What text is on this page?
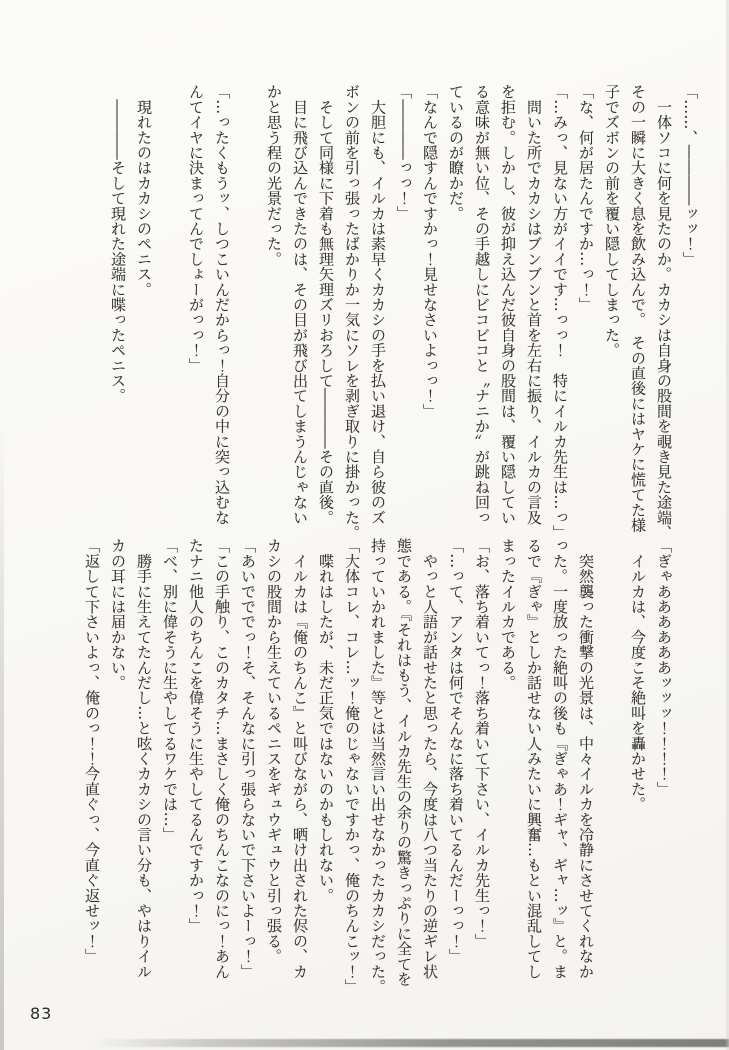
「……、――――ッッ！」

　一体ソコに何を見たのか。カカシは自身の股間を覗き見た途端、

その一瞬に大きく息を飲み込んで。　その直後にはヤケに慌てた様

子でズボンの前を覆い隠してしまった。

「な、何が居たんですか…っ！」

「…みっ、見ない方がイイです…っっ！　特にイルカ先生は…っ」

　問いた所でカカシはブンブンと首を左右に振り、イルカの言及

を拒む。しかし、彼が抑え込んだ彼自身の股間は、覆い隠してい

る意味が無い位、その手越しにビコビコと〝ナニか〟が跳ね回っ

ているのが瞭かだ。

「なんで隠すんですかっ！見せなさいよっっ！」

「――――っっ！」

　大胆にも、イルカは素早くカカシの手を払い退け、自ら彼のズ

ボンの前を引っ張ったばかりか一気にソレを剥ぎ取りに掛かった。

　そして同様に下着も無理矢理ズリおろして――――その直後。

　目に飛び込んできたのは、その目が飛び出てしまうんじゃない

かと思う程の光景だった。

「…ったくもうッ、しつこいんだからっ！自分の中に突っ込むな

んてイヤに決まってんでしょーがっっ！」

　現れたのはカカシのペニス。

　――――そして現れた途端に喋ったペニス。

「ぎゃああああああッッッ！！！！」

　イルカは、今度こそ絶叫を轟かせた。

　突然襲った衝撃の光景は、中々イルカを冷静にさせてくれなか

った。一度放った絶叫の後も『ぎゃあ！ギャ、ギャ…ッ』と。ま

るで『ぎゃ』としか話せない人みたいに興奮…もとい混乱してし

まったイルカである。

「お、落ち着いてっ！落ち着いて下さい、イルカ先生っ！」

「…って、アンタは何でそんなに落ち着いてるんだーっっ！」

　やっと人語が話せたと思ったら、今度は八つ当たりの逆ギレ状

態である。『それはもう、イルカ先生の余りの驚きっぷりに全てを

持っていかれました』等とは当然言い出せなかったカカシだった。

「大体コレ、コレ…ッ！俺のじゃないですかっ、俺のちんこッ！」

　喋れはしたが、未だ正気ではないのかもしれない。

　イルカは『俺のちんこ』と叫びながら、晒け出された侭の、カ

カシの股間から生えているペニスをギュウギュウと引っ張る。

「あいでででっ！そ、そんなに引っ張らないで下さいよーっ！」

「この手触り、このカタチ…まさしく俺のちんこなのにっ！あん

たナニ他人のちんこを偉そうに生やしてるんですかっ！」

「べ、別に偉そうに生やしてるワケでは…」

　勝手に生えてたんだし…と呟くカカシの言い分も、やはりイル

カの耳には届かない。

「返して下さいよっ、俺のっ！！今直ぐっ、今直ぐ返せッ！」

83
